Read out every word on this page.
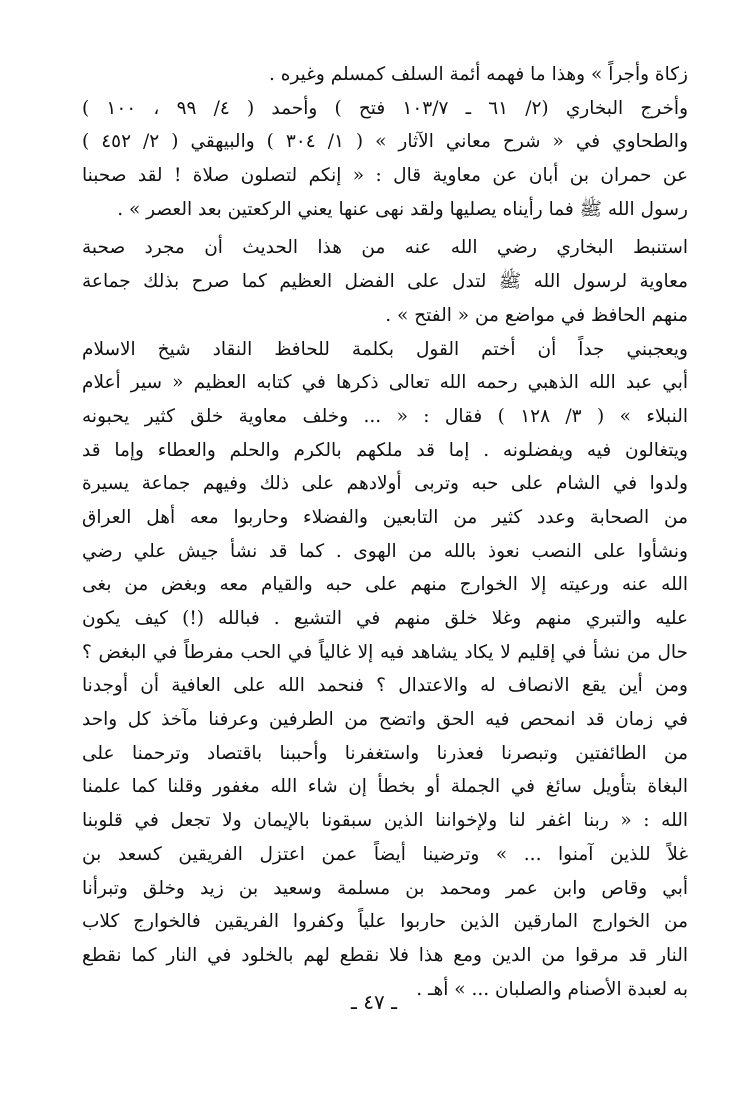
زكاة وأجراً » وهذا ما فهمه أئمة السلف كمسلم وغيره .
وأخرج البخاري (٢/ ٦١ ـ ١٠٣/٧ فتح ) وأحمد ( ٤/ ٩٩ ، ١٠٠ )
والطحاوي في « شرح معاني الآثار » ( ١/ ٣٠٤ ) والبيهقي ( ٢/ ٤٥٢ )
عن حمران بن أبان عن معاوية قال : « إنكم لتصلون صلاة ! لقد صحبنا
رسول الله ﷺ فما رأيناه يصليها ولقد نهى عنها يعني الركعتين بعد العصر » .
استنبط البخاري رضي الله عنه من هذا الحديث أن مجرد صحبة
معاوية لرسول الله ﷺ لتدل على الفضل العظيم كما صرح بذلك جماعة
منهم الحافظ في مواضع من « الفتح » .
ويعجبني جداً أن أختم القول بكلمة للحافظ النقاد شيخ الاسلام
أبي عبد الله الذهبي رحمه الله تعالى ذكرها في كتابه العظيم « سير أعلام
النبلاء » ( ٣/ ١٢٨ ) فقال : « ... وخلف معاوية خلق كثير يحبونه
ويتغالون فيه ويفضلونه . إما قد ملكهم بالكرم والحلم والعطاء وإما قد
ولدوا في الشام على حبه وتربى أولادهم على ذلك وفيهم جماعة يسيرة
من الصحابة وعدد كثير من التابعين والفضلاء وحاربوا معه أهل العراق
ونشأوا على النصب نعوذ بالله من الهوى . كما قد نشأ جيش علي رضي
الله عنه ورعيته إلا الخوارج منهم على حبه والقيام معه وبغض من بغى
عليه والتبري منهم وغلا خلق منهم في التشيع . فبالله (!) كيف يكون
حال من نشأ في إقليم لا يكاد يشاهد فيه إلا غالياً في الحب مفرطاً في البغض ؟
ومن أين يقع الانصاف له والاعتدال ؟ فنحمد الله على العافية أن أوجدنا
في زمان قد انمحص فيه الحق واتضح من الطرفين وعرفنا مآخذ كل واحد
من الطائفتين وتبصرنا فعذرنا واستغفرنا وأحببنا باقتصاد وترحمنا على
البغاة بتأويل سائغ في الجملة أو بخطأ إن شاء الله مغفور وقلنا كما علمنا
الله : « ربنا اغفر لنا ولإخواننا الذين سبقونا بالإيمان ولا تجعل في قلوبنا
غلاً للذين آمنوا ... » وترضينا أيضاً عمن اعتزل الفريقين كسعد بن
أبي وقاص وابن عمر ومحمد بن مسلمة وسعيد بن زيد وخلق وتبرأنا
من الخوارج المارقين الذين حاربوا علياً وكفروا الفريقين فالخوارج كلاب
النار قد مرقوا من الدين ومع هذا فلا نقطع لهم بالخلود في النار كما نقطع
به لعبدة الأصنام والصلبان ... » أهـ .
ـ ٤٧ ـ
